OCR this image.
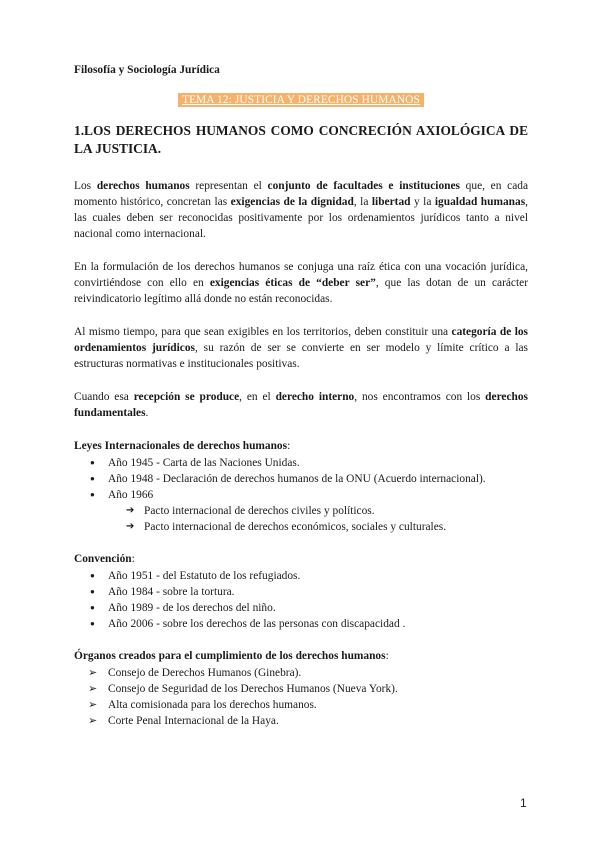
Filosofía y Sociología Jurídica
TEMA 12: JUSTICIA Y DERECHOS HUMANOS
1.LOS DERECHOS HUMANOS COMO CONCRECIÓN AXIOLÓGICA DE LA JUSTICIA.

Los derechos humanos representan el conjunto de facultades e instituciones que, en cada momento histórico, concretan las exigencias de la dignidad, la libertad y la igualdad humanas, las cuales deben ser reconocidas positivamente por los ordenamientos jurídicos tanto a nivel nacional como internacional.

En la formulación de los derechos humanos se conjuga una raíz ética con una vocación jurídica, convirtiéndose con ello en exigencias éticas de “deber ser”, que las dotan de un carácter reivindicatorio legítimo allá donde no están reconocidas.

Al mismo tiempo, para que sean exigibles en los territorios, deben constituir una categoría de los ordenamientos jurídicos, su razón de ser se convierte en ser modelo y límite crítico a las estructuras normativas e institucionales positivas.

Cuando esa recepción se produce, en el derecho interno, nos encontramos con los derechos fundamentales.

Leyes Internacionales de derechos humanos:
● Año 1945 - Carta de las Naciones Unidas.
● Año 1948 - Declaración de derechos humanos de la ONU (Acuerdo internacional).
● Año 1966
➔ Pacto internacional de derechos civiles y políticos.
➔ Pacto internacional de derechos económicos, sociales y culturales.
Convención:
● Año 1951 - del Estatuto de los refugiados.
● Año 1984 - sobre la tortura.
● Año 1989 - de los derechos del niño.
● Año 2006 - sobre los derechos de las personas con discapacidad .
Órganos creados para el cumplimiento de los derechos humanos:
➢ Consejo de Derechos Humanos (Ginebra).
➢ Consejo de Seguridad de los Derechos Humanos (Nueva York).
➢ Alta comisionada para los derechos humanos.
➢ Corte Penal Internacional de la Haya.
1
